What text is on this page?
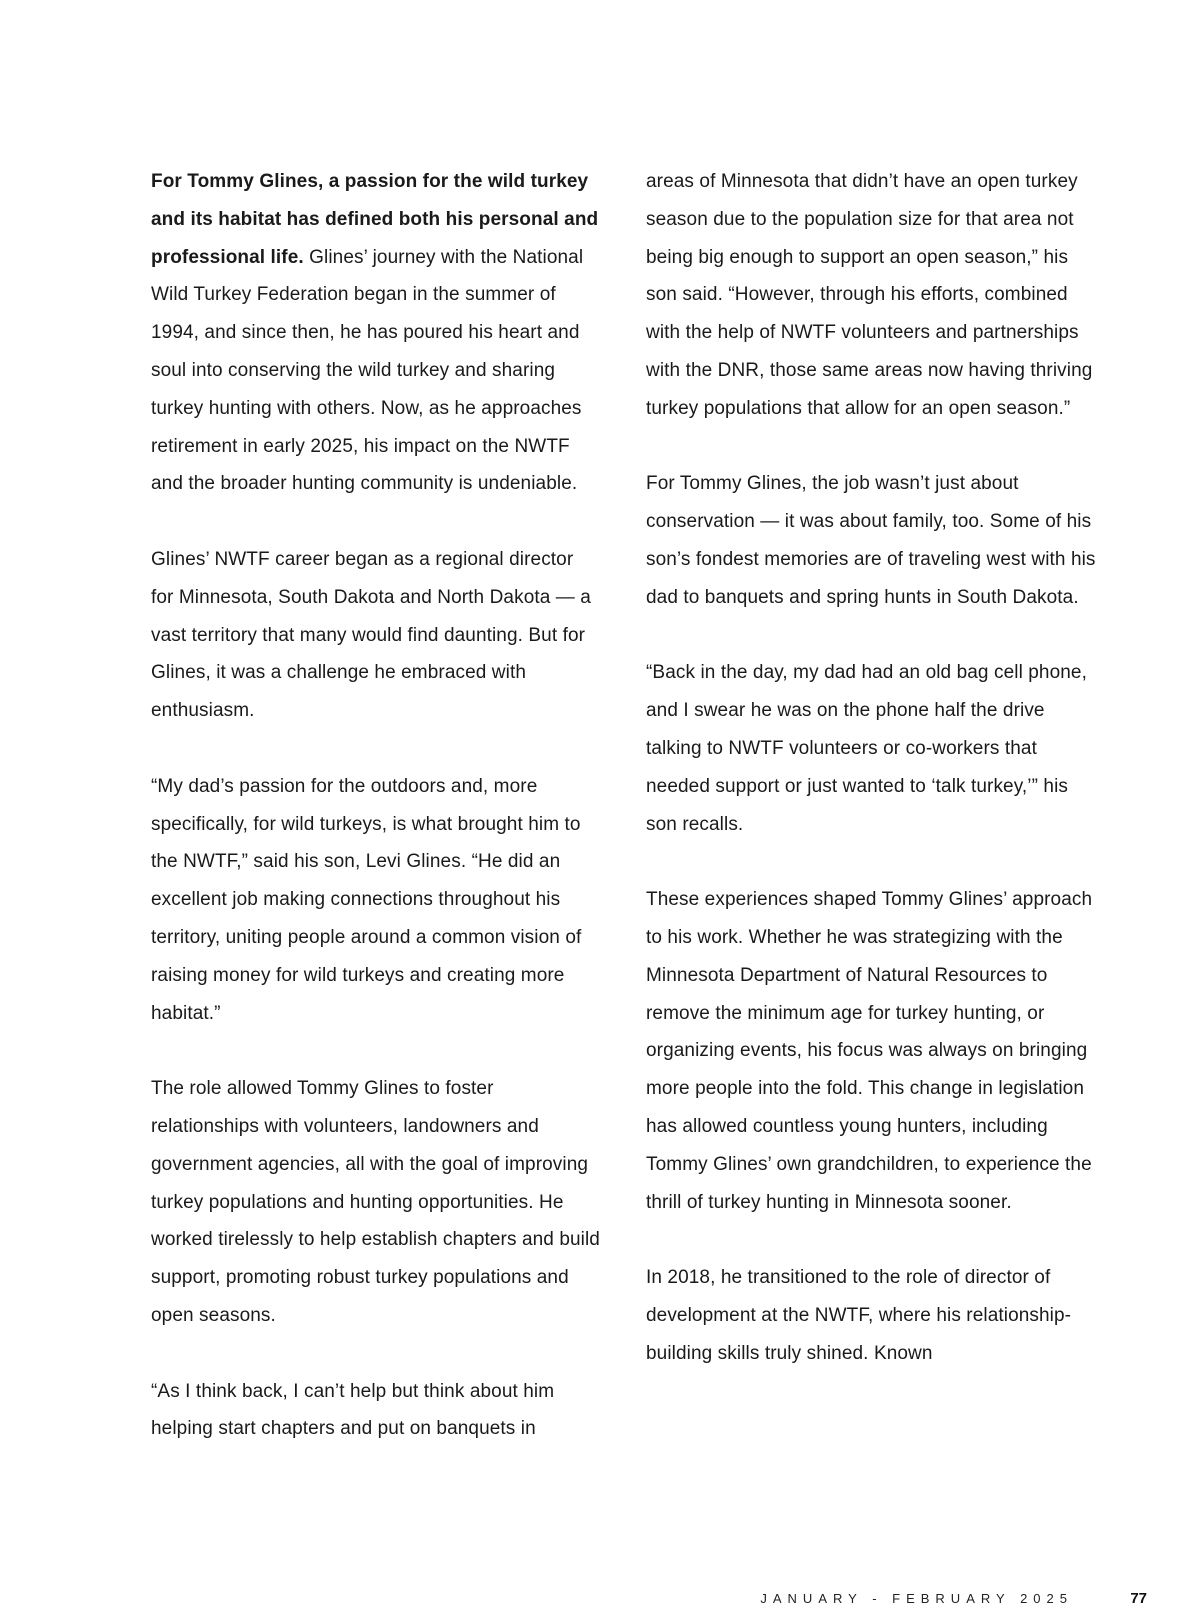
For Tommy Glines, a passion for the wild turkey and its habitat has defined both his personal and professional life. Glines’ journey with the National Wild Turkey Federation began in the summer of 1994, and since then, he has poured his heart and soul into conserving the wild turkey and sharing turkey hunting with others. Now, as he approaches retirement in early 2025, his impact on the NWTF and the broader hunting community is undeniable.

Glines’ NWTF career began as a regional director for Minnesota, South Dakota and North Dakota — a vast territory that many would find daunting. But for Glines, it was a challenge he embraced with enthusiasm.

“My dad’s passion for the outdoors and, more specifically, for wild turkeys, is what brought him to the NWTF,” said his son, Levi Glines. “He did an excellent job making connections throughout his territory, uniting people around a common vision of raising money for wild turkeys and creating more habitat.”

The role allowed Tommy Glines to foster relationships with volunteers, landowners and government agencies, all with the goal of improving turkey populations and hunting opportunities. He worked tirelessly to help establish chapters and build support, promoting robust turkey populations and open seasons.

“As I think back, I can’t help but think about him helping start chapters and put on banquets in

areas of Minnesota that didn’t have an open turkey season due to the population size for that area not being big enough to support an open season,” his son said. “However, through his efforts, combined with the help of NWTF volunteers and partnerships with the DNR, those same areas now having thriving turkey populations that allow for an open season.”

For Tommy Glines, the job wasn’t just about conservation — it was about family, too. Some of his son’s fondest memories are of traveling west with his dad to banquets and spring hunts in South Dakota.

“Back in the day, my dad had an old bag cell phone, and I swear he was on the phone half the drive talking to NWTF volunteers or co-workers that needed support or just wanted to ‘talk turkey,’” his son recalls.

These experiences shaped Tommy Glines’ approach to his work. Whether he was strategizing with the Minnesota Department of Natural Resources to remove the minimum age for turkey hunting, or organizing events, his focus was always on bringing more people into the fold. This change in legislation has allowed countless young hunters, including Tommy Glines’ own grandchildren, to experience the thrill of turkey hunting in Minnesota sooner.

In 2018, he transitioned to the role of director of development at the NWTF, where his relationship-building skills truly shined. Known

JANUARY - FEBRUARY 2025	77
